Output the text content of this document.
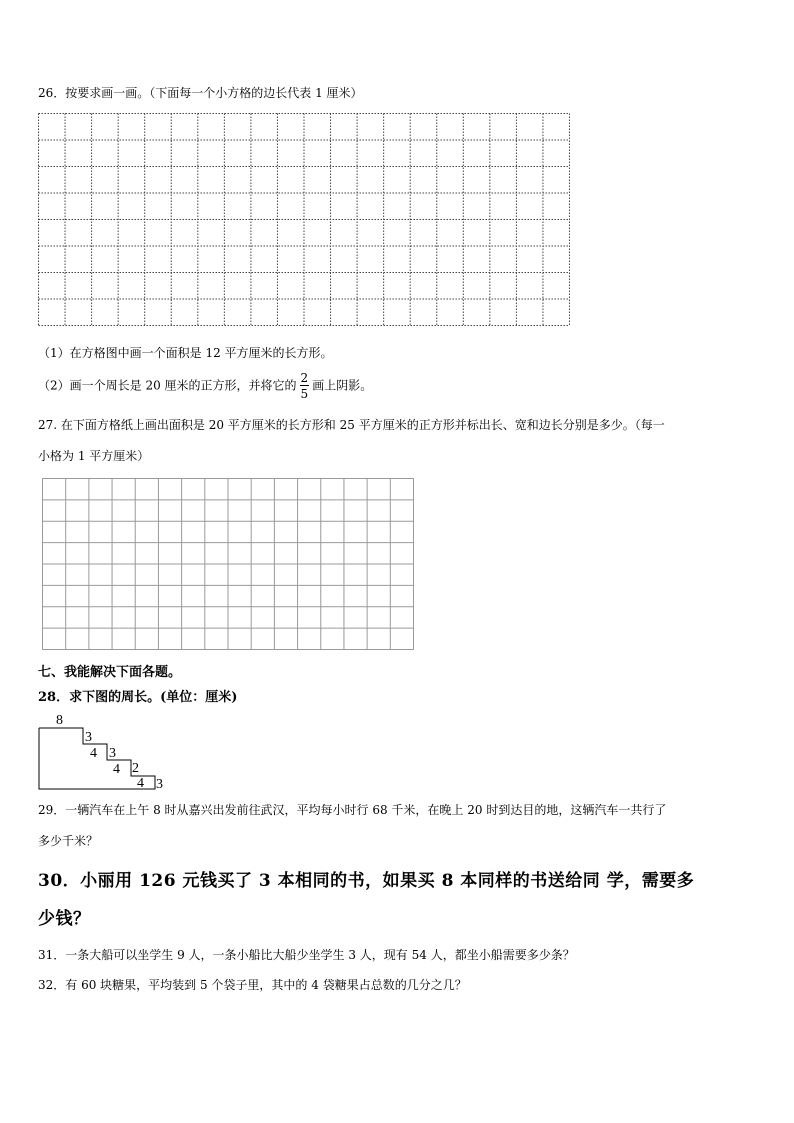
26．按要求画一画。（下面每一个小方格的边长代表 1 厘米）
（1）在方格图中画一个面积是 12 平方厘米的长方形。
（2）画一个周长是 20 厘米的正方形，并将它的 $\frac{2}{5}$ 画上阴影。
27. 在下面方格纸上画出面积是 20 平方厘米的长方形和 25 平方厘米的正方形并标出长、宽和边长分别是多少。（每一
小格为 1 平方厘米）
七、我能解决下面各题。
28．求下图的周长。(单位：厘米)
8
3
4 3
4 2
4 3
29．一辆汽车在上午 8 时从嘉兴出发前往武汉，平均每小时行 68 千米，在晚上 20 时到达目的地，这辆汽车一共行了
多少千米？
30．小丽用 126 元钱买了 3 本相同的书，如果买 8 本同样的书送给同 学，需要多
少钱？
31．一条大船可以坐学生 9 人，一条小船比大船少坐学生 3 人，现有 54 人，都坐小船需要多少条？
32．有 60 块糖果，平均装到 5 个袋子里，其中的 4 袋糖果占总数的几分之几？
